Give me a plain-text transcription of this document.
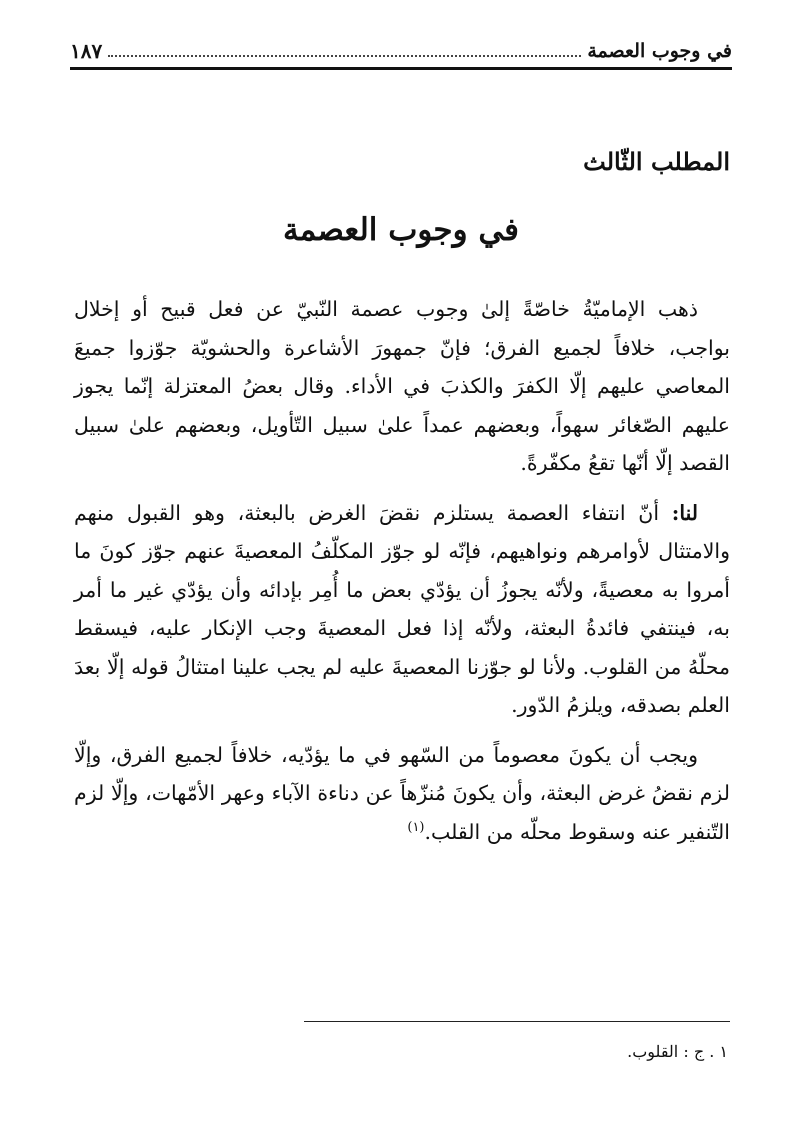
في وجوب العصمة
١٨٧
المطلب الثّالث
في وجوب العصمة

ذهب الإماميّةُ خاصّةً إلىٰ وجوب عصمة النّبيّ عن فعل قبيح أو إخلال بواجب، خلافاً لجميع الفرق؛ فإنّ جمهورَ الأشاعرة والحشويّة جوّزوا جميعَ المعاصي عليهم إلّا الكفرَ والكذبَ في الأداء. وقال بعضُ المعتزلة إنّما يجوز عليهم الصّغائر سهواً، وبعضهم عمداً علىٰ سبيل التّأويل، وبعضهم علىٰ سبيل القصد إلّا أنّها تقعُ مكفّرةً.

لنا: أنّ انتفاء العصمة يستلزم نقضَ الغرض بالبعثة، وهو القبول منهم والامتثال لأوامرهم ونواهيهم، فإنّه لو جوّز المكلّفُ المعصيةَ عنهم جوّز كونَ ما أمروا به معصيةً، ولأنّه يجوزُ أن يؤدّي بعض ما أُمِر بإدائه وأن يؤدّي غير ما أمر به، فينتفي فائدةُ البعثة، ولأنّه إذا فعل المعصيةَ وجب الإنكار عليه، فيسقط محلّهُ من القلوب. ولأنا لو جوّزنا المعصيةَ عليه لم يجب علينا امتثالُ قوله إلّا بعدَ العلم بصدقه، ويلزمُ الدّور.

ويجب أن يكونَ معصوماً من السّهو في ما يؤدّيه، خلافاً لجميع الفرق، وإلّا لزم نقضُ غرض البعثة، وأن يكونَ مُنزّهاً عن دناءة الآباء وعهر الأمّهات، وإلّا لزم التّنفير عنه وسقوط محلّه من القلب.$^{(١)}$

١ . ج : القلوب.
